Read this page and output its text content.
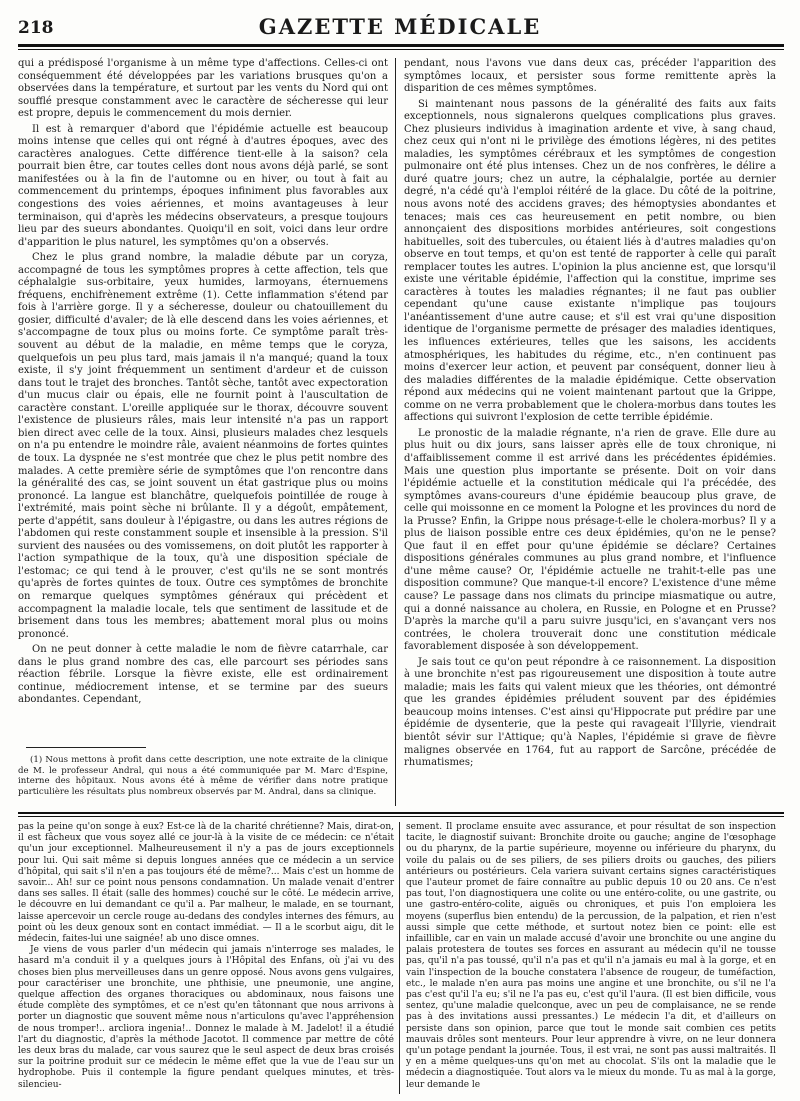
218	GAZETTE MÉDICALE

qui a prédisposé l'organisme à un même type d'affections. Celles-ci ont conséquemment été développées par les variations brusques qu'on a observées dans la température, et surtout par les vents du Nord qui ont soufflé presque constamment avec le caractère de sécheresse qui leur est propre, depuis le commencement du mois dernier.

Il est à remarquer d'abord que l'épidémie actuelle est beaucoup moins intense que celles qui ont régné à d'autres époques, avec des caractères analogues. Cette différence tient-elle à la saison? cela pourrait bien être, car toutes celles dont nous avons déjà parlé, se sont manifestées ou à la fin de l'automne ou en hiver, ou tout à fait au commencement du printemps, époques infiniment plus favorables aux congestions des voies aériennes, et moins avantageuses à leur terminaison, qui d'après les médecins observateurs, a presque toujours lieu par des sueurs abondantes. Quoiqu'il en soit, voici dans leur ordre d'apparition le plus naturel, les symptômes qu'on a observés.

Chez le plus grand nombre, la maladie débute par un coryza, accompagné de tous les symptômes propres à cette affection, tels que céphalalgie sus-orbitaire, yeux humides, larmoyans, éternuemens fréquens, enchifrènement extrême (1). Cette inflammation s'étend par fois à l'arrière gorge. Il y a sécheresse, douleur ou chatouillement du gosier, difficulté d'avaler; de là elle descend dans les voies aériennes, et s'accompagne de toux plus ou moins forte. Ce symptôme paraît très-souvent au début de la maladie, en même temps que le coryza, quelquefois un peu plus tard, mais jamais il n'a manqué; quand la toux existe, il s'y joint fréquemment un sentiment d'ardeur et de cuisson dans tout le trajet des bronches. Tantôt sèche, tantôt avec expectoration d'un mucus clair ou épais, elle ne fournit point à l'auscultation de caractère constant. L'oreille appliquée sur le thorax, découvre souvent l'existence de plusieurs râles, mais leur intensité n'a pas un rapport bien direct avec celle de la toux. Ainsi, plusieurs malades chez lesquels on n'a pu entendre le moindre râle, avaient néanmoins de fortes quintes de toux. La dyspnée ne s'est montrée que chez le plus petit nombre des malades. A cette première série de symptômes que l'on rencontre dans la généralité des cas, se joint souvent un état gastrique plus ou moins prononcé. La langue est blanchâtre, quelquefois pointillée de rouge à l'extrémité, mais point sèche ni brûlante. Il y a dégoût, empâtement, perte d'appétit, sans douleur à l'épigastre, ou dans les autres régions de l'abdomen qui reste constamment souple et insensible à la pression. S'il survient des nausées ou des vomissemens, on doit plutôt les rapporter à l'action sympathique de la toux, qu'à une disposition spéciale de l'estomac; ce qui tend à le prouver, c'est qu'ils ne se sont montrés qu'après de fortes quintes de toux. Outre ces symptômes de bronchite on remarque quelques symptômes généraux qui précèdent et accompagnent la maladie locale, tels que sentiment de lassitude et de brisement dans tous les membres; abattement moral plus ou moins prononcé.

On ne peut donner à cette maladie le nom de fièvre catarrhale, car dans le plus grand nombre des cas, elle parcourt ses périodes sans réaction fébrile. Lorsque la fièvre existe, elle est ordinairement continue, médiocrement intense, et se termine par des sueurs abondantes. Cependant,

pendant, nous l'avons vue dans deux cas, précéder l'apparition des symptômes locaux, et persister sous forme remittente après la disparition de ces mêmes symptômes.

Si maintenant nous passons de la généralité des faits aux faits exceptionnels, nous signalerons quelques complications plus graves. Chez plusieurs individus à imagination ardente et vive, à sang chaud, chez ceux qui n'ont ni le privilège des émotions légères, ni des petites maladies, les symptômes cérébraux et les symptômes de congestion pulmonaire ont été plus intenses. Chez un de nos confrères, le délire a duré quatre jours; chez un autre, la céphalalgie, portée au dernier degré, n'a cédé qu'à l'emploi réitéré de la glace. Du côté de la poitrine, nous avons noté des accidens graves; des hémoptysies abondantes et tenaces; mais ces cas heureusement en petit nombre, ou bien annonçaient des dispositions morbides antérieures, soit congestions habituelles, soit des tubercules, ou étaient liés à d'autres maladies qu'on observe en tout temps, et qu'on est tenté de rapporter à celle qui paraît remplacer toutes les autres. L'opinion la plus ancienne est, que lorsqu'il existe une véritable épidémie, l'affection qui la constitue, imprime ses caractères à toutes les maladies régnantes; il ne faut pas oublier cependant qu'une cause existante n'implique pas toujours l'anéantissement d'une autre cause; et s'il est vrai qu'une disposition identique de l'organisme permette de présager des maladies identiques, les influences extérieures, telles que les saisons, les accidents atmosphériques, les habitudes du régime, etc., n'en continuent pas moins d'exercer leur action, et peuvent par conséquent, donner lieu à des maladies différentes de la maladie épidémique. Cette observation répond aux médecins qui ne voient maintenant partout que la Grippe, comme on ne verra probablement que le cholera-morbus dans toutes les affections qui suivront l'explosion de cette terrible épidémie.

Le pronostic de la maladie régnante, n'a rien de grave. Elle dure au plus huit ou dix jours, sans laisser après elle de toux chronique, ni d'affaiblissement comme il est arrivé dans les précédentes épidémies. Mais une question plus importante se présente. Doit on voir dans l'épidémie actuelle et la constitution médicale qui l'a précédée, des symptômes avans-coureurs d'une épidémie beaucoup plus grave, de celle qui moissonne en ce moment la Pologne et les provinces du nord de la Prusse? Enfin, la Grippe nous présage-t-elle le cholera-morbus? Il y a plus de liaison possible entre ces deux épidémies, qu'on ne le pense? Que faut il en effet pour qu'une épidémie se déclare? Certaines dispositions générales communes au plus grand nombre, et l'influence d'une même cause? Or, l'épidémie actuelle ne trahit-t-elle pas une disposition commune? Que manque-t-il encore? L'existence d'une même cause? Le passage dans nos climats du principe miasmatique ou autre, qui a donné naissance au cholera, en Russie, en Pologne et en Prusse? D'après la marche qu'il a paru suivre jusqu'ici, en s'avançant vers nos contrées, le cholera trouverait donc une constitution médicale favorablement disposée à son développement.

Je sais tout ce qu'on peut répondre à ce raisonnement. La disposition à une bronchite n'est pas rigoureusement une disposition à toute autre maladie; mais les faits qui valent mieux que les théories, ont démontré que les grandes épidémies préludent souvent par des épidémies beaucoup moins intenses. C'est ainsi qu'Hippocrate put prédire par une épidémie de dysenterie, que la peste qui ravageait l'Illyrie, viendrait bientôt sévir sur l'Attique; qu'à Naples, l'épidémie si grave de fièvre malignes observée en 1764, fut au rapport de Sarcône, précédée de rhumatismes;

(1) Nous mettons à profit dans cette description, une note extraite de la clinique de M. le professeur Andral, qui nous a été communiquée par M. Marc d'Espine, interne des hôpitaux. Nous avons été à même de vérifier dans notre pratique particulière les résultats plus nombreux observés par M. Andral, dans sa clinique.

pas la peine qu'on songe à eux? Est-ce là de la charité chrétienne? Mais, dirat-on, il est fâcheux que vous soyez allé ce jour-là à la visite de ce médecin: ce n'était qu'un jour exceptionnel. Malheureusement il n'y a pas de jours exceptionnels pour lui. Qui sait même si depuis longues années que ce médecin a un service d'hôpital, qui sait s'il n'en a pas toujours été de même?... Mais c'est un homme de savoir... Ah! sur ce point nous pensons condamnation. Un malade venait d'entrer dans ses salles. Il était (salle des hommes) couché sur le côté. Le médecin arrive, le découvre en lui demandant ce qu'il a. Par malheur, le malade, en se tournant, laisse apercevoir un cercle rouge au-dedans des condyles internes des fémurs, au point où les deux genoux sont en contact immédiat. — Il a le scorbut aigu, dit le médecin, faites-lui une saignée! ab uno disce omnes.

Je viens de vous parler d'un médecin qui jamais n'interroge ses malades, le hasard m'a conduit il y a quelques jours à l'Hôpital des Enfans, où j'ai vu des choses bien plus merveilleuses dans un genre opposé. Nous avons gens vulgaires, pour caractériser une bronchite, une phthisie, une pneumonie, une angine, quelque affection des organes thoraciques ou abdominaux, nous faisons une étude complète des symptômes, et ce n'est qu'en tâtonnant que nous arrivons à porter un diagnostic que souvent même nous n'articulons qu'avec l'appréhension de nous tromper!.. arcliora ingenia!.. Donnez le malade à M. Jadelot! il a étudié l'art du diagnostic, d'après la méthode Jacotot. Il commence par mettre de côté les deux bras du malade, car vous saurez que le seul aspect de deux bras croisés sur la poitrine produit sur ce médecin le même effet que la vue de l'eau sur un hydrophobe. Puis il contemple la figure pendant quelques minutes, et très-silencieu-

sement. Il proclame ensuite avec assurance, et pour résultat de son inspection tacite, le diagnostif suivant: Bronchite droite ou gauche; angine de l'œsophage ou du pharynx, de la partie supérieure, moyenne ou inférieure du pharynx, du voile du palais ou de ses piliers, de ses piliers droits ou gauches, des piliers antérieurs ou postérieurs. Cela variera suivant certains signes caractéristiques que l'auteur promet de faire connaître au public depuis 10 ou 20 ans. Ce n'est pas tout, l'on diagnostiquera une colite ou une entéro-colite, ou une gastrite, ou une gastro-entéro-colite, aiguës ou chroniques, et puis l'on emploiera les moyens (superflus bien entendu) de la percussion, de la palpation, et rien n'est aussi simple que cette méthode, et surtout notez bien ce point: elle est infaillible, car en vain un malade accusé d'avoir une bronchite ou une angine du palais protestera de toutes ses forces en assurant au médecin qu'il ne tousse pas, qu'il n'a pas toussé, qu'il n'a pas et qu'il n'a jamais eu mal à la gorge, et en vain l'inspection de la bouche constatera l'absence de rougeur, de tuméfaction, etc., le malade n'en aura pas moins une angine et une bronchite, ou s'il ne l'a pas c'est qu'il l'a eu; s'il ne l'a pas eu, c'est qu'il l'aura. (Il est bien difficile, vous sentez, qu'une maladie quelconque, avec un peu de complaisance, ne se rende pas à des invitations aussi pressantes.) Le médecin l'a dit, et d'ailleurs on persiste dans son opinion, parce que tout le monde sait combien ces petits mauvais drôles sont menteurs. Pour leur apprendre à vivre, on ne leur donnera qu'un potage pendant la journée. Tous, il est vrai, ne sont pas aussi maltraités. Il y en a même quelques-uns qu'on met au chocolat. S'ils ont la maladie que le médecin a diagnostiquée. Tout alors va le mieux du monde. Tu as mal à la gorge, leur demande le
